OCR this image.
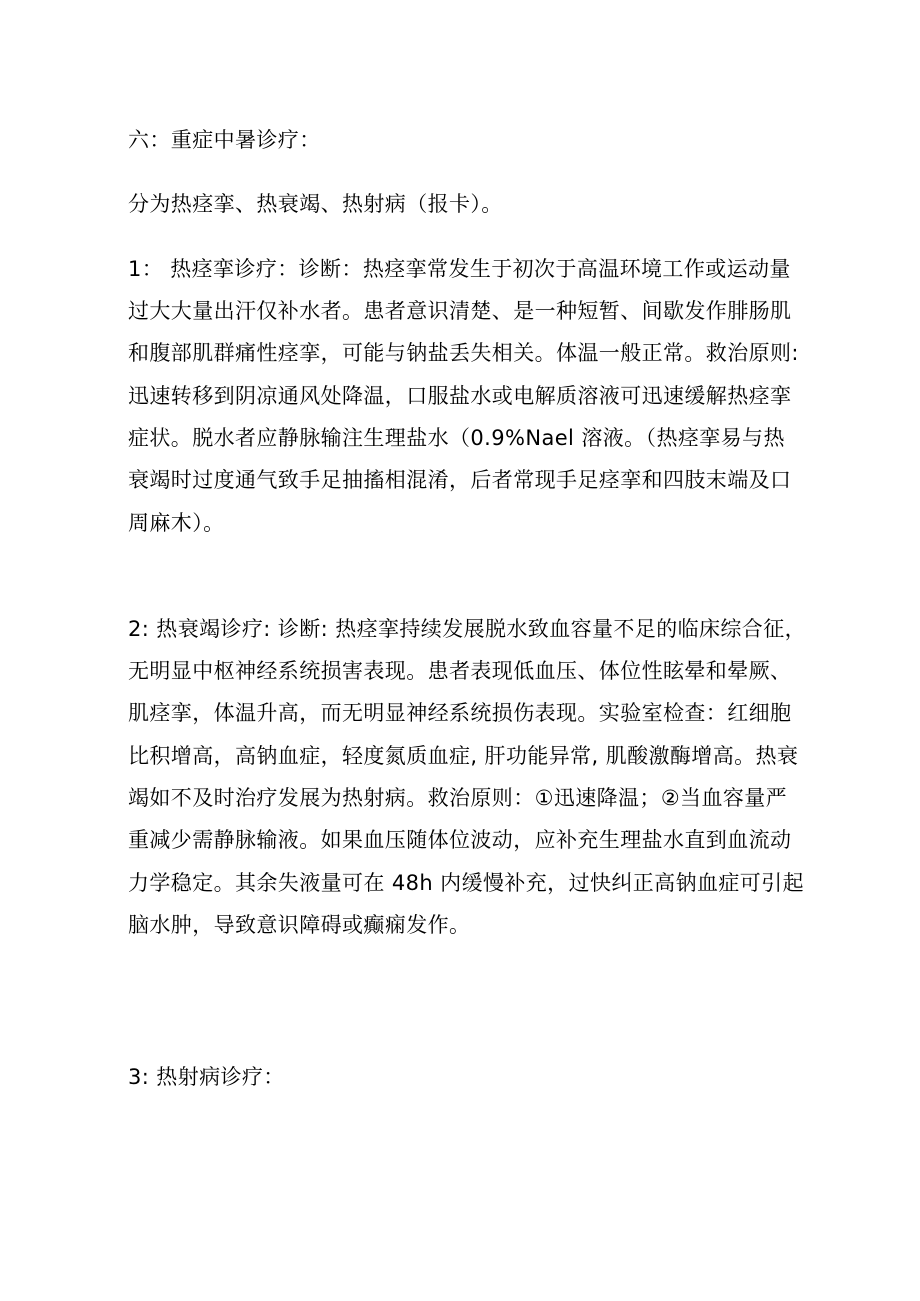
六：重症中暑诊疗：
分为热痉挛、热衰竭、热射病（报卡）。
1： 热痉挛诊疗：诊断：热痉挛常发生于初次于高温环境工作或运动量
过大大量出汗仅补水者。患者意识清楚、是一种短暂、间歇发作腓肠肌
和腹部肌群痛性痉挛，可能与钠盐丢失相关。体温一般正常。救治原则:
迅速转移到阴凉通风处降温，口服盐水或电解质溶液可迅速缓解热痉挛
症状。脱水者应静脉输注生理盐水（0.9%Nael 溶液。（热痉挛易与热
衰竭时过度通气致手足抽搐相混淆，后者常现手足痉挛和四肢末端及口
周麻木）。
2: 热衰竭诊疗: 诊断: 热痉挛持续发展脱水致血容量不足的临床综合征，
无明显中枢神经系统损害表现。患者表现低血压、体位性眩晕和晕厥、
肌痉挛，体温升高，而无明显神经系统损伤表现。实验室检查：红细胞
比积增高，高钠血症，轻度氮质血症, 肝功能异常, 肌酸激酶增高。热衰
竭如不及时治疗发展为热射病。救治原则：①迅速降温；②当血容量严
重减少需静脉输液。如果血压随体位波动，应补充生理盐水直到血流动
力学稳定。其余失液量可在 48h 内缓慢补充，过快纠正高钠血症可引起
脑水肿，导致意识障碍或癫痫发作。
3: 热射病诊疗：
